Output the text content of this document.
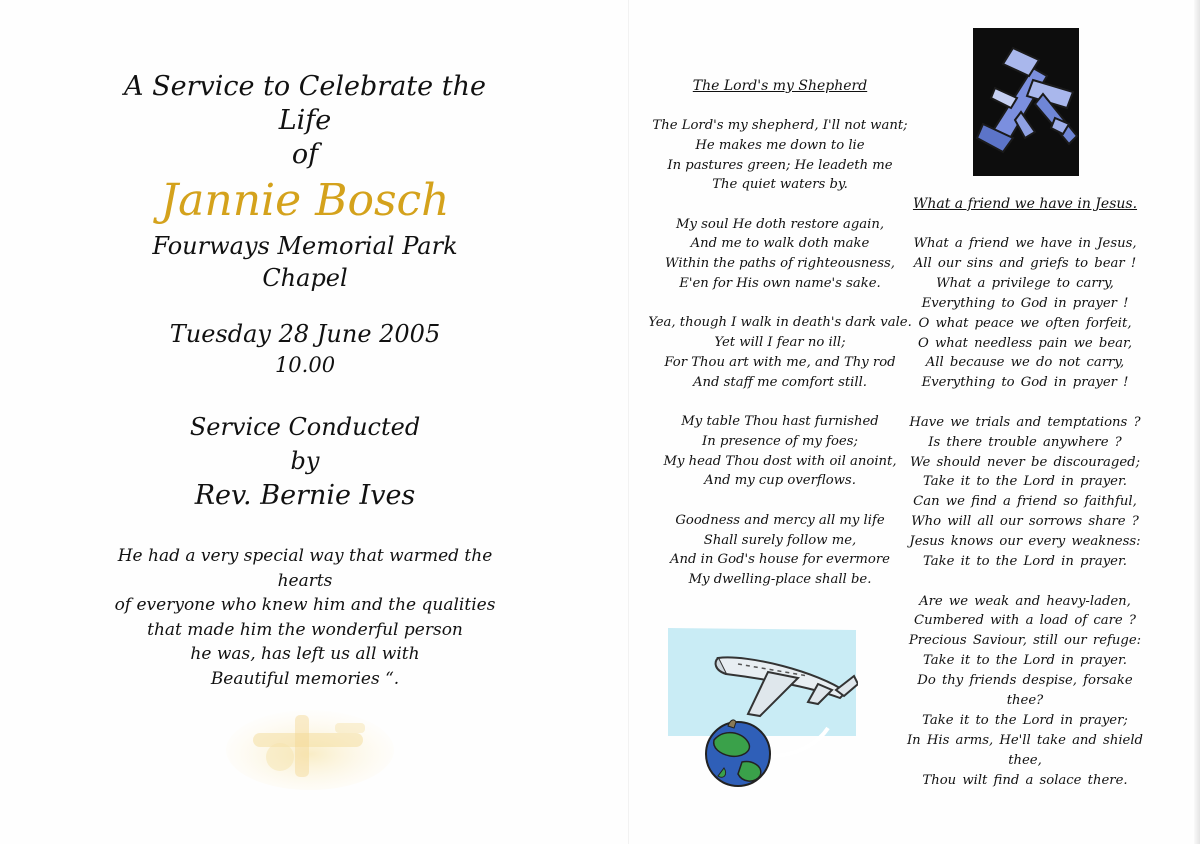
A Service to Celebrate the Life
of
Jannie Bosch
Fourways Memorial Park
Chapel
Tuesday 28 June 2005
10.00
Service Conducted
by
Rev. Bernie Ives
He had a very special way that warmed the hearts
of everyone who knew him and the qualities
that made him the wonderful person
he was, has left us all with
Beautiful memories “.
The Lord's my Shepherd
The Lord's my shepherd, I'll not want;
He makes me down to lie
In pastures green; He leadeth me
The quiet waters by.
My soul He doth restore again,
And me to walk doth make
Within the paths of righteousness,
E'en for His own name's sake.
Yea, though I walk in death's dark vale.
Yet will I fear no ill;
For Thou art with me, and Thy rod
And staff me comfort still.
My table Thou hast furnished
In presence of my foes;
My head Thou dost with oil anoint,
And my cup overflows.
Goodness and mercy all my life
Shall surely follow me,
And in God's house for evermore
My dwelling-place shall be.
What a friend we have in Jesus.
What a friend we have in Jesus,
All our sins and griefs to bear !
What a privilege to carry,
Everything to God in prayer !
O what peace we often forfeit,
O what needless pain we bear,
All because we do not carry,
Everything to God in prayer !
Have we trials and temptations ?
Is there trouble anywhere ?
We should never be discouraged;
Take it to the Lord in prayer.
Can we find a friend so faithful,
Who will all our sorrows share ?
Jesus knows our every weakness:
Take it to the Lord in prayer.
Are we weak and heavy-laden,
Cumbered with a load of care ?
Precious Saviour, still our refuge:
Take it to the Lord in prayer.
Do thy friends despise, forsake thee?
Take it to the Lord in prayer;
In His arms, He'll take and shield
thee,
Thou wilt find a solace there.
